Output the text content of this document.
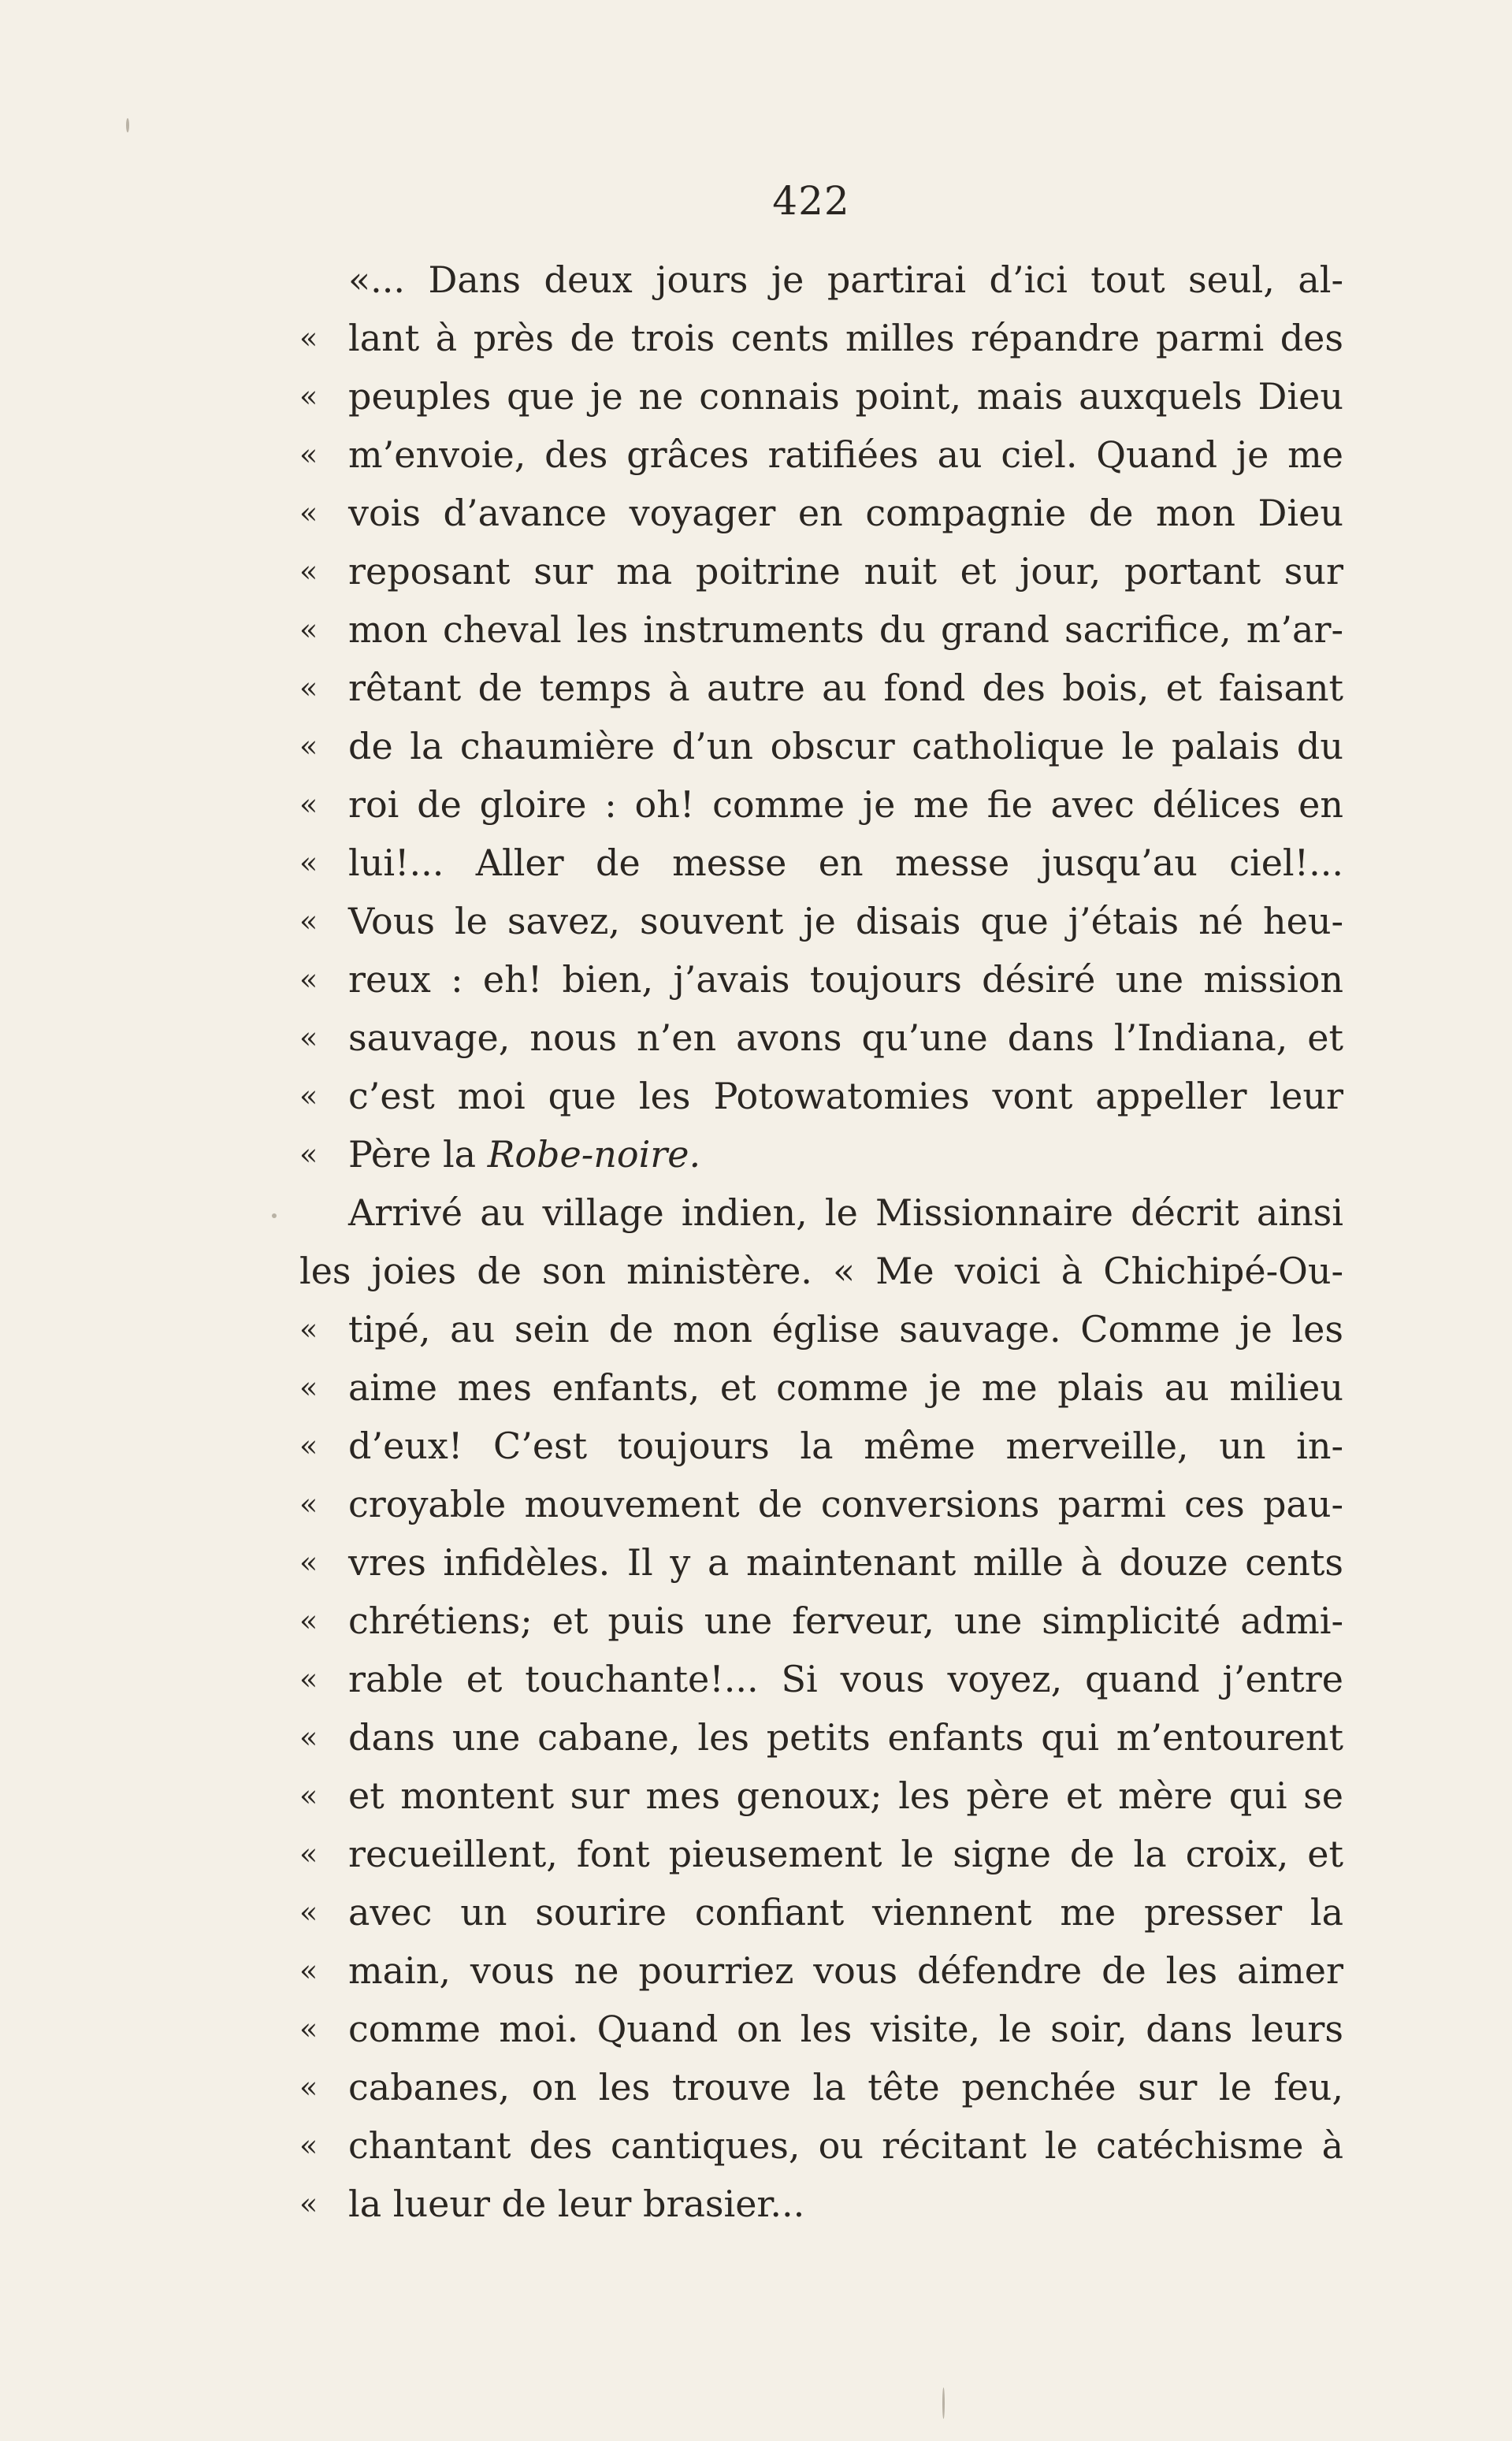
422
«... Dans deux jours je partirai d’ici tout seul, al-
« lant à près de trois cents milles répandre parmi des
« peuples que je ne connais point, mais auxquels Dieu
« m’envoie, des grâces ratifiées au ciel. Quand je me
« vois d’avance voyager en compagnie de mon Dieu
« reposant sur ma poitrine nuit et jour, portant sur
« mon cheval les instruments du grand sacrifice, m’ar-
« rêtant de temps à autre au fond des bois, et faisant
« de la chaumière d’un obscur catholique le palais du
« roi de gloire : oh! comme je me fie avec délices en
« lui!... Aller de messe en messe jusqu’au ciel!...
« Vous le savez, souvent je disais que j’étais né heu-
« reux : eh! bien, j’avais toujours désiré une mission
« sauvage, nous n’en avons qu’une dans l’Indiana, et
« c’est moi que les Potowatomies vont appeller leur
« Père la Robe-noire.
Arrivé au village indien, le Missionnaire décrit ainsi
les joies de son ministère. « Me voici à Chichipé-Ou-
« tipé, au sein de mon église sauvage. Comme je les
« aime mes enfants, et comme je me plais au milieu
« d’eux! C’est toujours la même merveille, un in-
« croyable mouvement de conversions parmi ces pau-
« vres infidèles. Il y a maintenant mille à douze cents
« chrétiens; et puis une ferveur, une simplicité admi-
« rable et touchante!... Si vous voyez, quand j’entre
« dans une cabane, les petits enfants qui m’entourent
« et montent sur mes genoux; les père et mère qui se
« recueillent, font pieusement le signe de la croix, et
« avec un sourire confiant viennent me presser la
« main, vous ne pourriez vous défendre de les aimer
« comme moi. Quand on les visite, le soir, dans leurs
« cabanes, on les trouve la tête penchée sur le feu,
« chantant des cantiques, ou récitant le catéchisme à
« la lueur de leur brasier...
